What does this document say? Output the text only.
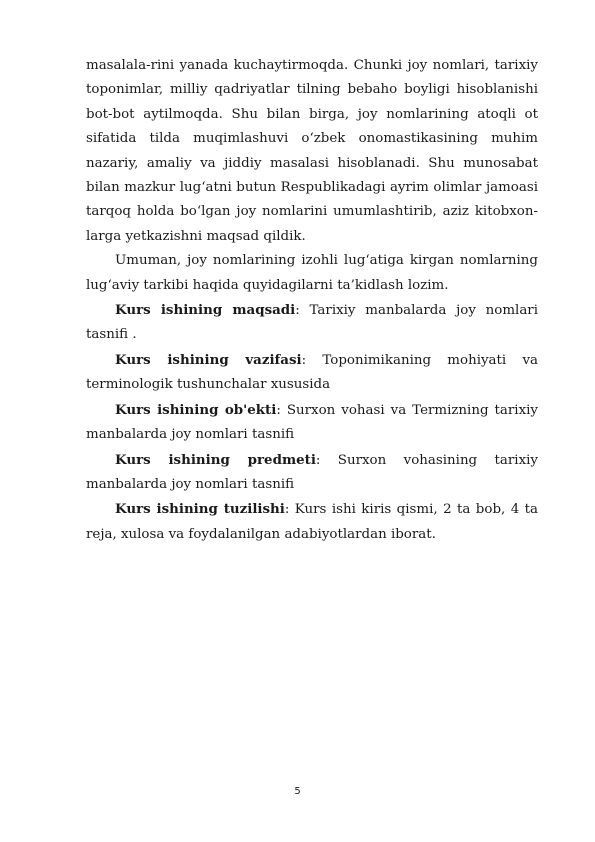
masalala-rini yanada kuchaytirmoqda. Chunki joy nomlari, tarixiy toponimlar, milliy qadriyatlar tilning bebaho boyligi hisoblanishi bot-bot aytilmoqda. Shu bilan birga, joy nomlarining atoqli ot sifatida tilda muqimlashuvi o‘zbek onomastikasining muhim nazariy, amaliy va jiddiy masalasi hisoblanadi. Shu munosabat bilan mazkur lug‘atni butun Respublikadagi ayrim olimlar jamoasi tarqoq holda bo‘lgan joy nomlarini umumlashtirib, aziz kitobxon-larga yetkazishni maqsad qildik.

Umuman, joy nomlarining izohli lug‘atiga kirgan nomlarning lug‘aviy tarkibi haqida quyidagilarni ta’kidlash lozim.

Kurs ishining maqsadi: Tarixiy manbalarda joy nomlari tasnifi .

Kurs ishining vazifasi: Toponimikaning mohiyati va terminologik tushunchalar xususida

Kurs ishining ob'ekti: Surxon vohasi va Termizning tarixiy manbalarda joy nomlari tasnifi

Kurs ishining predmeti: Surxon vohasining tarixiy manbalarda joy nomlari tasnifi

Kurs ishining tuzilishi: Kurs ishi kiris qismi, 2 ta bob, 4 ta reja, xulosa va foydalanilgan adabiyotlardan iborat.

5
